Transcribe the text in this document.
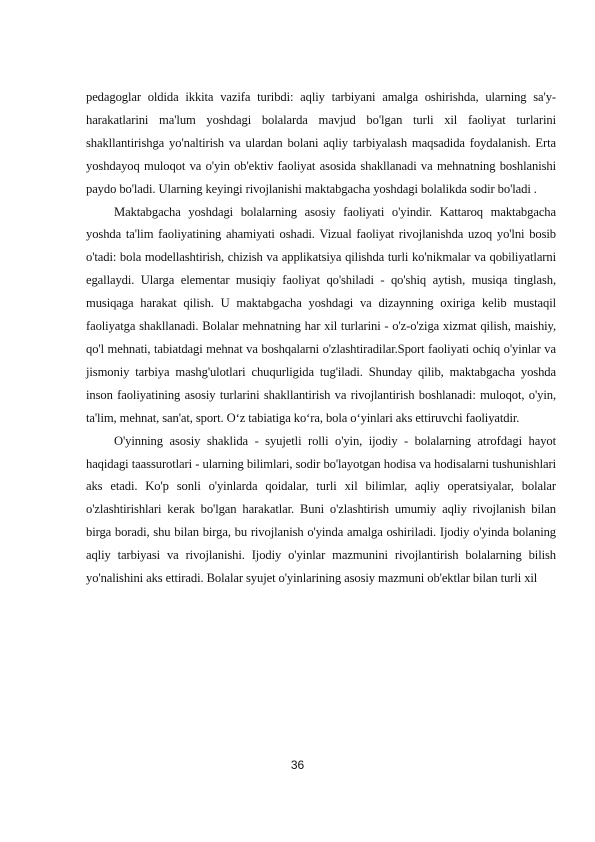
pedagoglar oldida ikkita vazifa turibdi: aqliy tarbiyani amalga oshirishda, ularning sa'y-harakatlarini ma'lum yoshdagi bolalarda mavjud bo'lgan turli xil faoliyat turlarini shakllantirishga yo'naltirish va ulardan bolani aqliy tarbiyalash maqsadida foydalanish. Erta yoshdayoq muloqot va o'yin ob'ektiv faoliyat asosida shakllanadi va mehnatning boshlanishi paydo bo'ladi. Ularning keyingi rivojlanishi maktabgacha yoshdagi bolalikda sodir bo'ladi .

Maktabgacha yoshdagi bolalarning asosiy faoliyati o'yindir. Kattaroq maktabgacha yoshda ta'lim faoliyatining ahamiyati oshadi. Vizual faoliyat rivojlanishda uzoq yo'lni bosib o'tadi: bola modellashtirish, chizish va applikatsiya qilishda turli ko'nikmalar va qobiliyatlarni egallaydi. Ularga elementar musiqiy faoliyat qo'shiladi - qo'shiq aytish, musiqa tinglash, musiqaga harakat qilish. U maktabgacha yoshdagi va dizaynning oxiriga kelib mustaqil faoliyatga shakllanadi. Bolalar mehnatning har xil turlarini - o'z-o'ziga xizmat qilish, maishiy, qo'l mehnati, tabiatdagi mehnat va boshqalarni o'zlashtiradilar.Sport faoliyati ochiq o'yinlar va jismoniy tarbiya mashg'ulotlari chuqurligida tug'iladi. Shunday qilib, maktabgacha yoshda inson faoliyatining asosiy turlarini shakllantirish va rivojlantirish boshlanadi: muloqot, o'yin, ta'lim, mehnat, san'at, sport. O‘z tabiatiga ko‘ra, bola o‘yinlari aks ettiruvchi faoliyatdir.

O'yinning asosiy shaklida - syujetli rolli o'yin, ijodiy - bolalarning atrofdagi hayot haqidagi taassurotlari - ularning bilimlari, sodir bo'layotgan hodisa va hodisalarni tushunishlari aks etadi. Ko'p sonli o'yinlarda qoidalar, turli xil bilimlar, aqliy operatsiyalar, bolalar o'zlashtirishlari kerak bo'lgan harakatlar. Buni o'zlashtirish umumiy aqliy rivojlanish bilan birga boradi, shu bilan birga, bu rivojlanish o'yinda amalga oshiriladi. Ijodiy o'yinda bolaning aqliy tarbiyasi va rivojlanishi. Ijodiy o'yinlar mazmunini rivojlantirish bolalarning bilish yo'nalishini aks ettiradi. Bolalar syujet o'yinlarining asosiy mazmuni ob'ektlar bilan turli xil

36
